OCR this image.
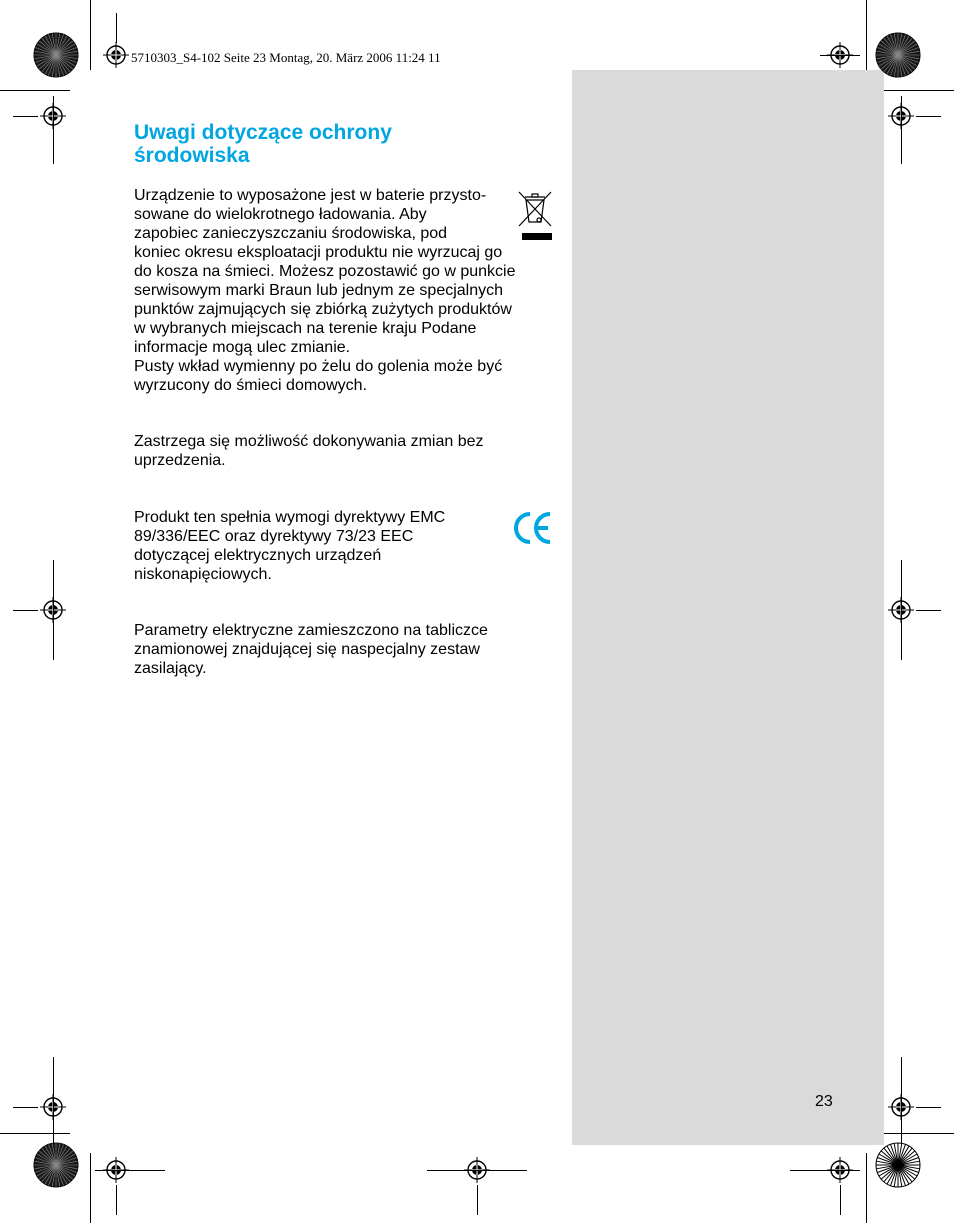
5710303_S4-102 Seite 23 Montag, 20. März 2006 11:24 11
Uwagi dotyczące ochrony
środowiska

Urządzenie to wyposażone jest w baterie przysto-
sowane do wielokrotnego ładowania. Aby
zapobiec zanieczyszczaniu środowiska, pod
koniec okresu eksploatacji produktu nie wyrzucaj go
do kosza na śmieci. Możesz pozostawić go w punkcie
serwisowym marki Braun lub jednym ze specjalnych
punktów zajmujących się zbiórką zużytych produktów
w wybranych miejscach na terenie kraju Podane
informacje mogą ulec zmianie.
Pusty wkład wymienny po żelu do golenia może być
wyrzucony do śmieci domowych.

Zastrzega się możliwość dokonywania zmian bez
uprzedzenia.

Produkt ten spełnia wymogi dyrektywy EMC
89/336/EEC oraz dyrektywy 73/23 EEC
dotyczącej elektrycznych urządzeń
niskonapięciowych.

Parametry elektryczne zamieszczono na tabliczce
znamionowej znajdującej się naspecjalny zestaw
zasilający.

23
